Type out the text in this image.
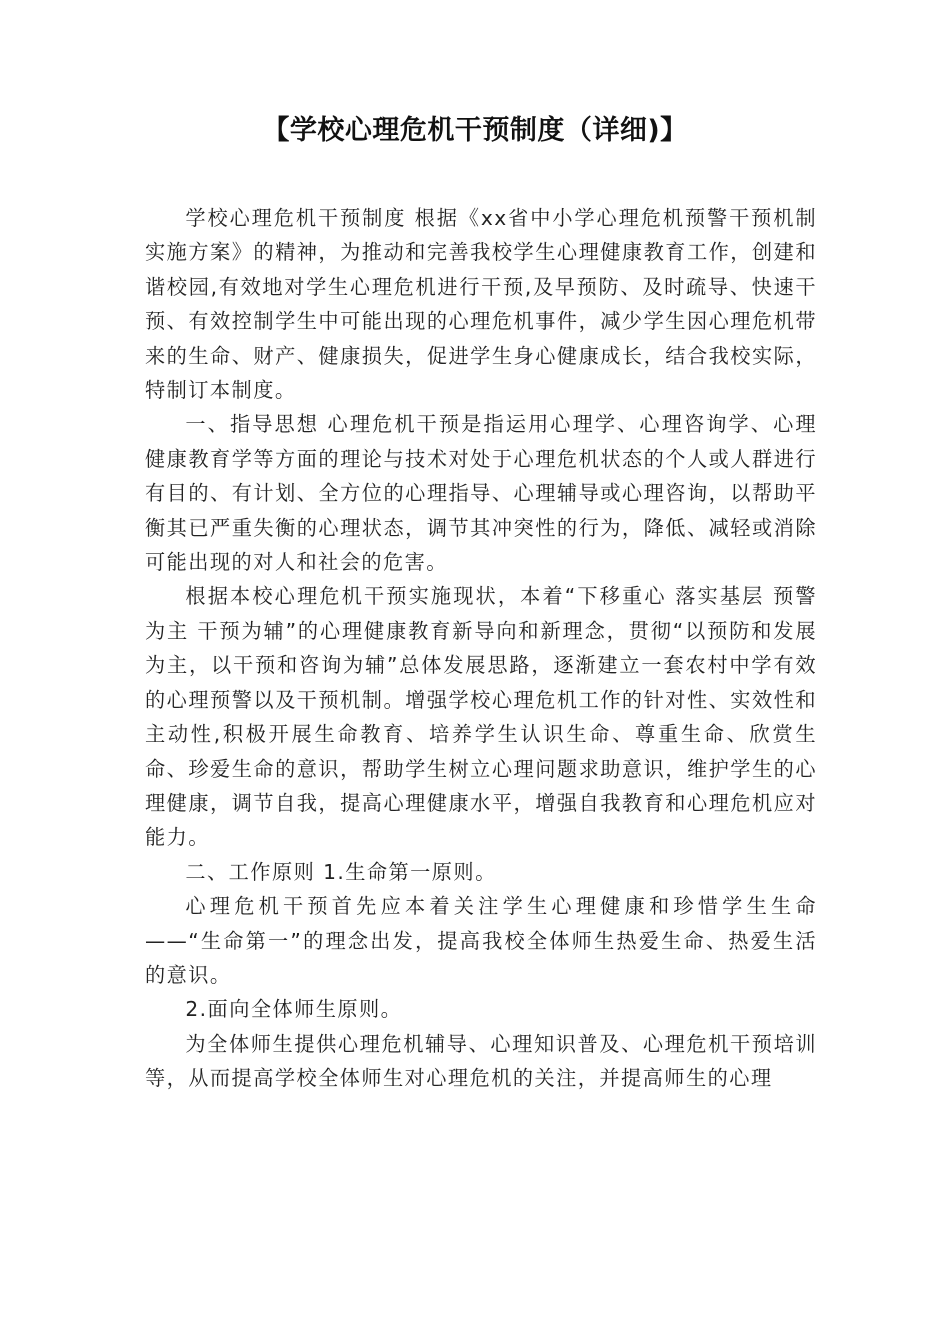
【学校心理危机干预制度（详细)】

学校心理危机干预制度 根据《xx省中小学心理危机预警干预机制实施方案》的精神，为推动和完善我校学生心理健康教育工作，创建和谐校园,有效地对学生心理危机进行干预,及早预防、及时疏导、快速干预、有效控制学生中可能出现的心理危机事件，减少学生因心理危机带来的生命、财产、健康损失，促进学生身心健康成长，结合我校实际，特制订本制度。

一、指导思想 心理危机干预是指运用心理学、心理咨询学、心理健康教育学等方面的理论与技术对处于心理危机状态的个人或人群进行有目的、有计划、全方位的心理指导、心理辅导或心理咨询，以帮助平衡其已严重失衡的心理状态，调节其冲突性的行为，降低、减轻或消除可能出现的对人和社会的危害。

根据本校心理危机干预实施现状，本着“下移重心 落实基层 预警为主 干预为辅”的心理健康教育新导向和新理念，贯彻“以预防和发展为主，以干预和咨询为辅”总体发展思路，逐渐建立一套农村中学有效的心理预警以及干预机制。增强学校心理危机工作的针对性、实效性和主动性,积极开展生命教育、培养学生认识生命、尊重生命、欣赏生命、珍爱生命的意识，帮助学生树立心理问题求助意识，维护学生的心理健康，调节自我，提高心理健康水平，增强自我教育和心理危机应对能力。

二、工作原则 1.生命第一原则。

心理危机干预首先应本着关注学生心理健康和珍惜学生生命 ——“生命第一”的理念出发，提高我校全体师生热爱生命、热爱生活的意识。

2.面向全体师生原则。

为全体师生提供心理危机辅导、心理知识普及、心理危机干预培训等，从而提高学校全体师生对心理危机的关注，并提高师生的心理
